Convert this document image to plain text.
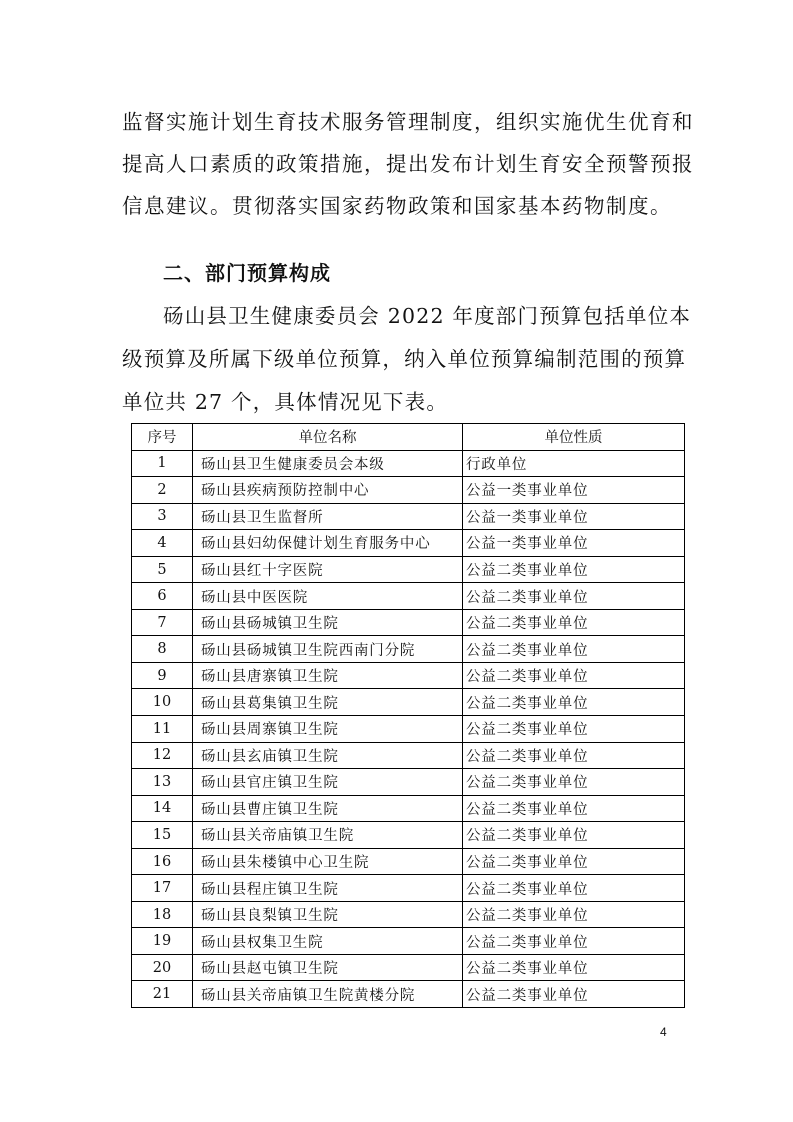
监督实施计划生育技术服务管理制度，组织实施优生优育和

提高人口素质的政策措施，提出发布计划生育安全预警预报

信息建议。贯彻落实国家药物政策和国家基本药物制度。

二、部门预算构成

砀山县卫生健康委员会 2022 年度部门预算包括单位本

级预算及所属下级单位预算，纳入单位预算编制范围的预算

单位共 27 个，具体情况见下表。

序号	单位名称	单位性质
1	砀山县卫生健康委员会本级	行政单位
2	砀山县疾病预防控制中心	公益一类事业单位
3	砀山县卫生监督所	公益一类事业单位
4	砀山县妇幼保健计划生育服务中心	公益一类事业单位
5	砀山县红十字医院	公益二类事业单位
6	砀山县中医医院	公益二类事业单位
7	砀山县砀城镇卫生院	公益二类事业单位
8	砀山县砀城镇卫生院西南门分院	公益二类事业单位
9	砀山县唐寨镇卫生院	公益二类事业单位
10	砀山县葛集镇卫生院	公益二类事业单位
11	砀山县周寨镇卫生院	公益二类事业单位
12	砀山县玄庙镇卫生院	公益二类事业单位
13	砀山县官庄镇卫生院	公益二类事业单位
14	砀山县曹庄镇卫生院	公益二类事业单位
15	砀山县关帝庙镇卫生院	公益二类事业单位
16	砀山县朱楼镇中心卫生院	公益二类事业单位
17	砀山县程庄镇卫生院	公益二类事业单位
18	砀山县良梨镇卫生院	公益二类事业单位
19	砀山县权集卫生院	公益二类事业单位
20	砀山县赵屯镇卫生院	公益二类事业单位
21	砀山县关帝庙镇卫生院黄楼分院	公益二类事业单位
4
